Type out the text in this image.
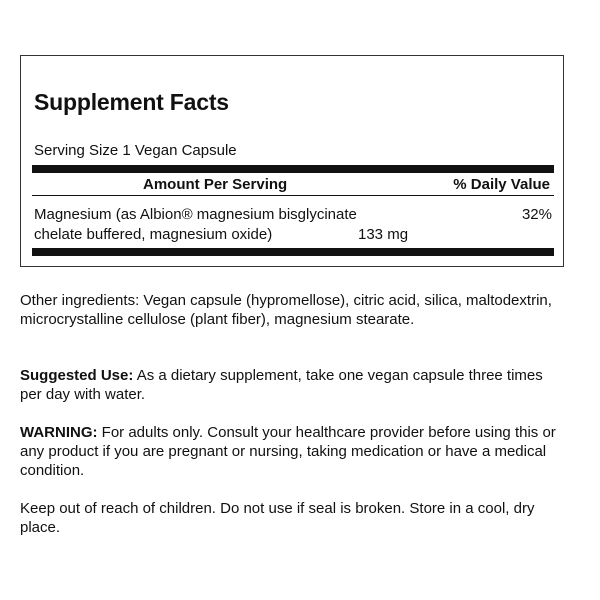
Supplement Facts
Serving Size 1 Vegan Capsule
Amount Per Serving	% Daily Value
Magnesium (as Albion® magnesium bisglycinate
chelate buffered, magnesium oxide)	133 mg
32%

Other ingredients: Vegan capsule (hypromellose), citric acid, silica, maltodextrin, microcrystalline cellulose (plant fiber), magnesium stearate.

Suggested Use: As a dietary supplement, take one vegan capsule three times per day with water.

WARNING: For adults only. Consult your healthcare provider before using this or any product if you are pregnant or nursing, taking medication or have a medical condition.

Keep out of reach of children. Do not use if seal is broken. Store in a cool, dry place.
